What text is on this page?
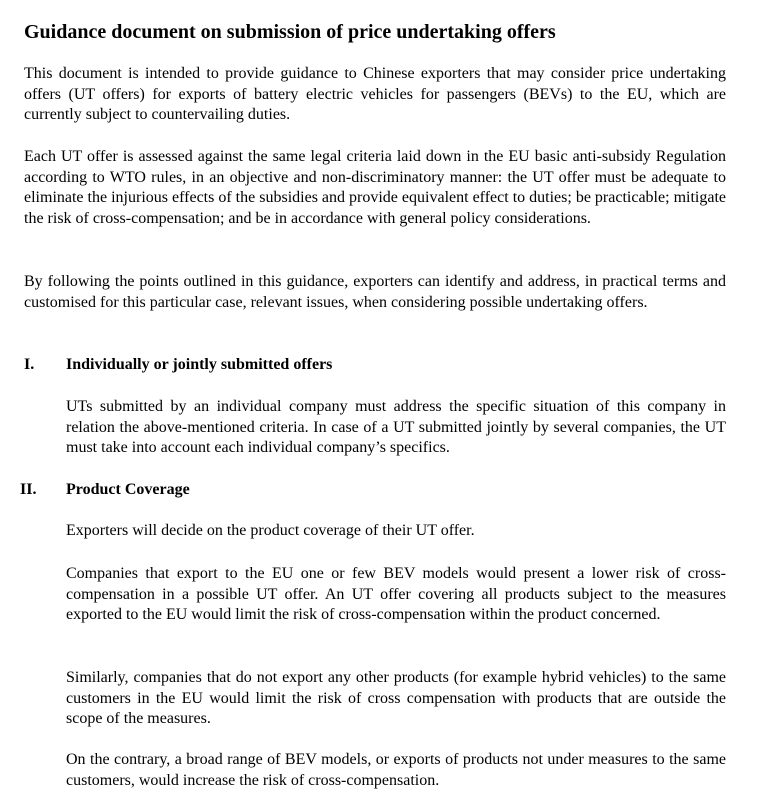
Guidance document on submission of price undertaking offers

This document is intended to provide guidance to Chinese exporters that may consider price undertaking offers (UT offers) for exports of battery electric vehicles for passengers (BEVs) to the EU, which are currently subject to countervailing duties.

Each UT offer is assessed against the same legal criteria laid down in the EU basic anti-subsidy Regulation according to WTO rules, in an objective and non-discriminatory manner: the UT offer must be adequate to eliminate the injurious effects of the subsidies and provide equivalent effect to duties; be practicable; mitigate the risk of cross-compensation; and be in accordance with general policy considerations.

By following the points outlined in this guidance, exporters can identify and address, in practical terms and customised for this particular case, relevant issues, when considering possible undertaking offers.

I. Individually or jointly submitted offers

UTs submitted by an individual company must address the specific situation of this company in relation the above-mentioned criteria. In case of a UT submitted jointly by several companies, the UT must take into account each individual company’s specifics.

II. Product Coverage

Exporters will decide on the product coverage of their UT offer.

Companies that export to the EU one or few BEV models would present a lower risk of cross-compensation in a possible UT offer. An UT offer covering all products subject to the measures exported to the EU would limit the risk of cross-compensation within the product concerned.

Similarly, companies that do not export any other products (for example hybrid vehicles) to the same customers in the EU would limit the risk of cross compensation with products that are outside the scope of the measures.

On the contrary, a broad range of BEV models, or exports of products not under measures to the same customers, would increase the risk of cross-compensation.
